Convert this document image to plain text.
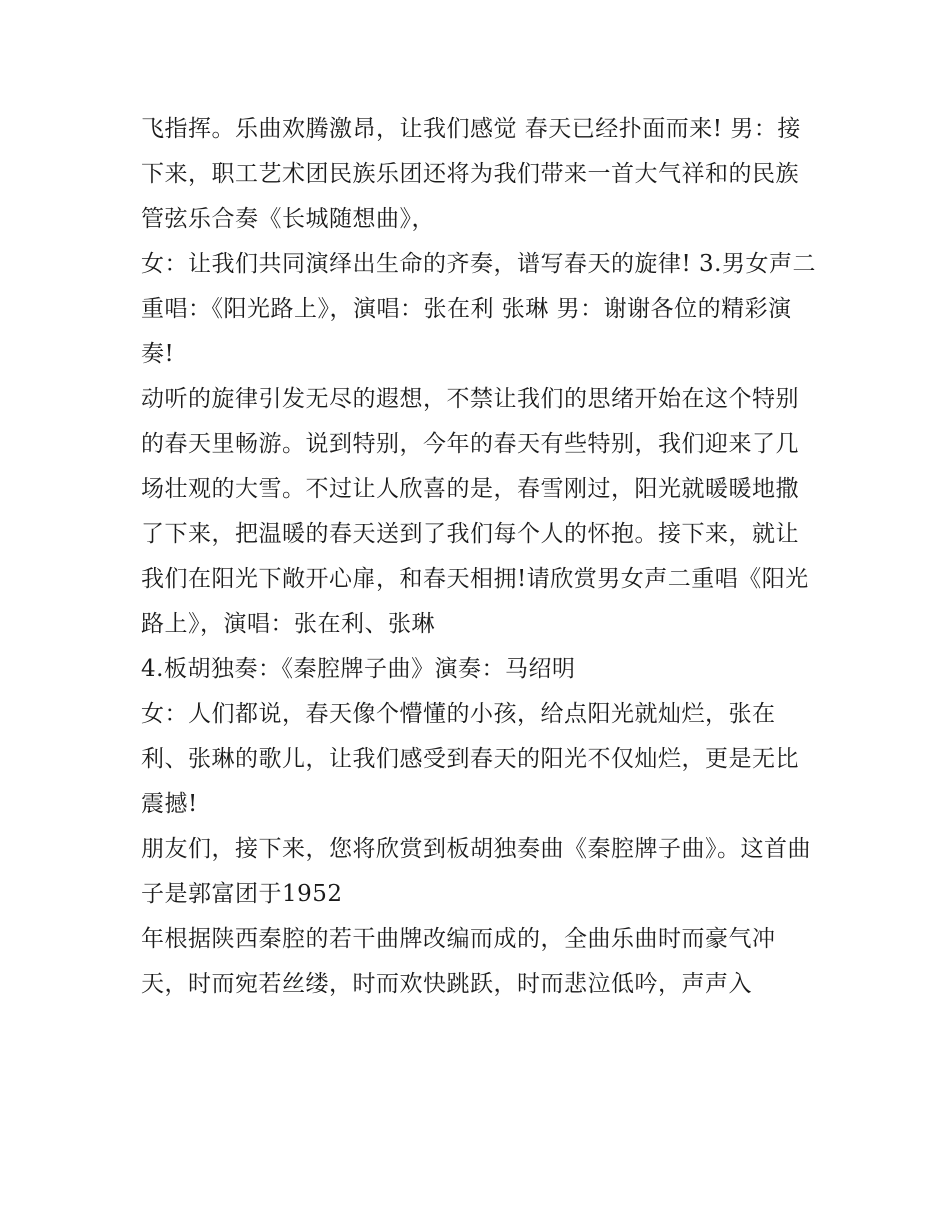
飞指挥。乐曲欢腾激昂，让我们感觉 春天已经扑面而来! 男：接下来，职工艺术团民族乐团还将为我们带来一首大气祥和的民族管弦乐合奏《长城随想曲》，

女：让我们共同演绎出生命的齐奏，谱写春天的旋律! 3.男女声二重唱：《阳光路上》，演唱：张在利 张琳 男：谢谢各位的精彩演奏!

动听的旋律引发无尽的遐想，不禁让我们的思绪开始在这个特别的春天里畅游。说到特别，今年的春天有些特别，我们迎来了几场壮观的大雪。不过让人欣喜的是，春雪刚过，阳光就暖暖地撒了下来，把温暖的春天送到了我们每个人的怀抱。接下来，就让我们在阳光下敞开心扉，和春天相拥!请欣赏男女声二重唱《阳光路上》，演唱：张在利、张琳

4.板胡独奏：《秦腔牌子曲》演奏：马绍明

女：人们都说，春天像个懵懂的小孩，给点阳光就灿烂，张在利、张琳的歌儿，让我们感受到春天的阳光不仅灿烂，更是无比震撼!

朋友们，接下来，您将欣赏到板胡独奏曲《秦腔牌子曲》。这首曲子是郭富团于1952

年根据陕西秦腔的若干曲牌改编而成的，全曲乐曲时而豪气冲天，时而宛若丝缕，时而欢快跳跃，时而悲泣低吟，声声入
